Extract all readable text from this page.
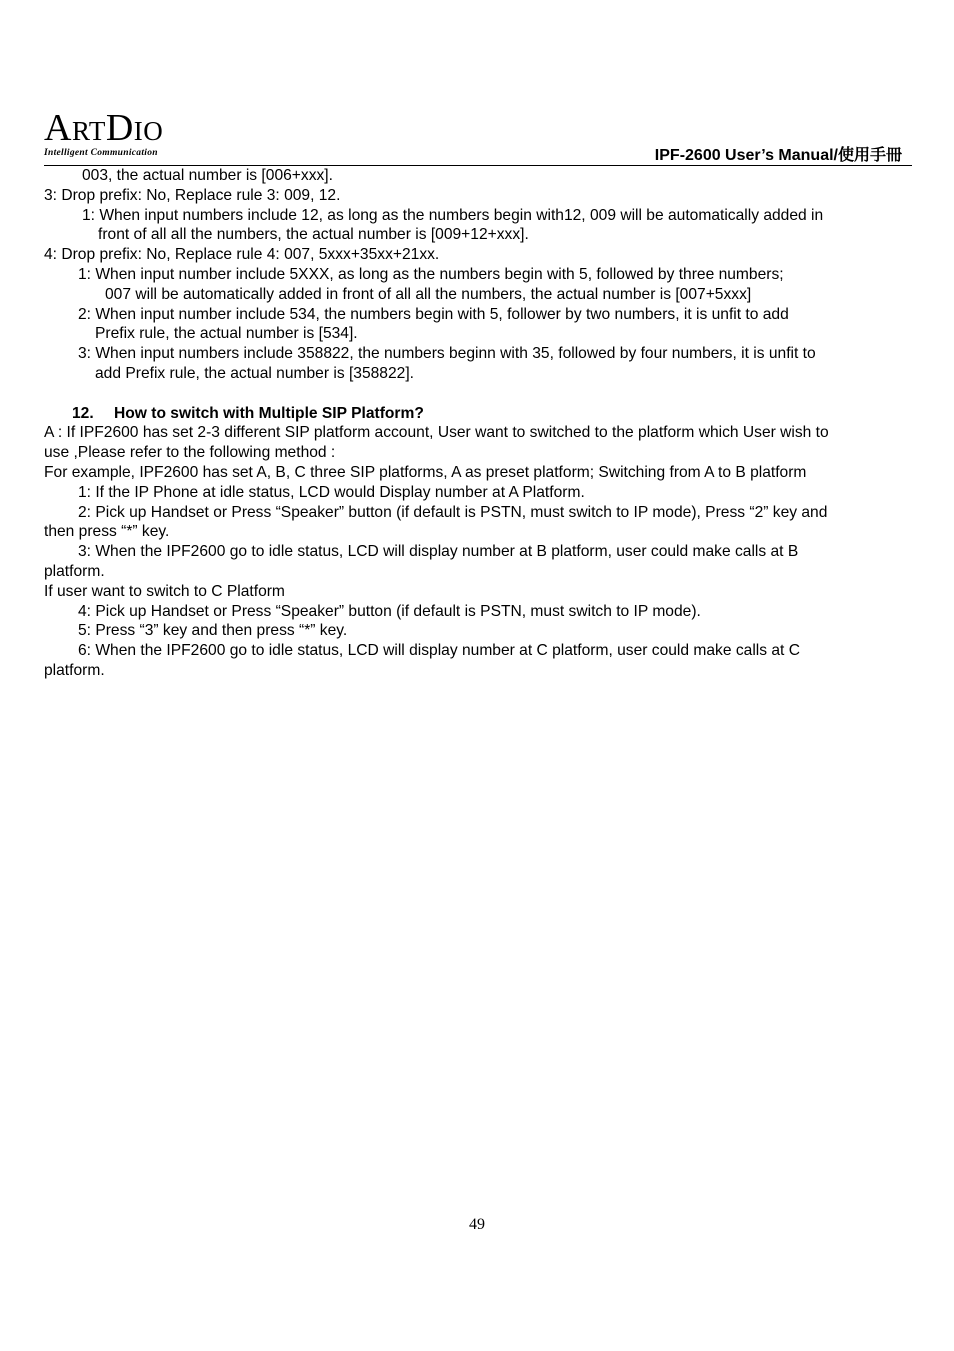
ARTDIO
Intelligent Communication	IPF-2600 User’s Manual/使用手冊
003, the actual number is [006+xxx].
3: Drop prefix: No, Replace rule 3: 009, 12.
1: When input numbers include 12, as long as the numbers begin with12, 009 will be automatically added in
front of all all the numbers, the actual number is [009+12+xxx].
4: Drop prefix: No, Replace rule 4: 007, 5xxx+35xx+21xx.
1: When input number include 5XXX, as long as the numbers begin with 5, followed by three numbers;
007 will be automatically added in front of all all the numbers, the actual number is [007+5xxx]
2: When input number include 534, the numbers begin with 5, follower by two numbers, it is unfit to add
Prefix rule, the actual number is [534].
3: When input numbers include 358822, the numbers beginn with 35, followed by four numbers, it is unfit to
add Prefix rule, the actual number is [358822].
12. How to switch with Multiple SIP Platform?
A : If IPF2600 has set 2-3 different SIP platform account, User want to switched to the platform which User wish to
use ,Please refer to the following method :
For example, IPF2600 has set A, B, C three SIP platforms, A as preset platform; Switching from A to B platform
1: If the IP Phone at idle status, LCD would Display number at A Platform.
2: Pick up Handset or Press “Speaker” button (if default is PSTN, must switch to IP mode), Press “2” key and
then press “*” key.
3: When the IPF2600 go to idle status, LCD will display number at B platform, user could make calls at B
platform.
If user want to switch to C Platform
4: Pick up Handset or Press “Speaker” button (if default is PSTN, must switch to IP mode).
5: Press “3” key and then press “*” key.
6: When the IPF2600 go to idle status, LCD will display number at C platform, user could make calls at C
platform.
49
